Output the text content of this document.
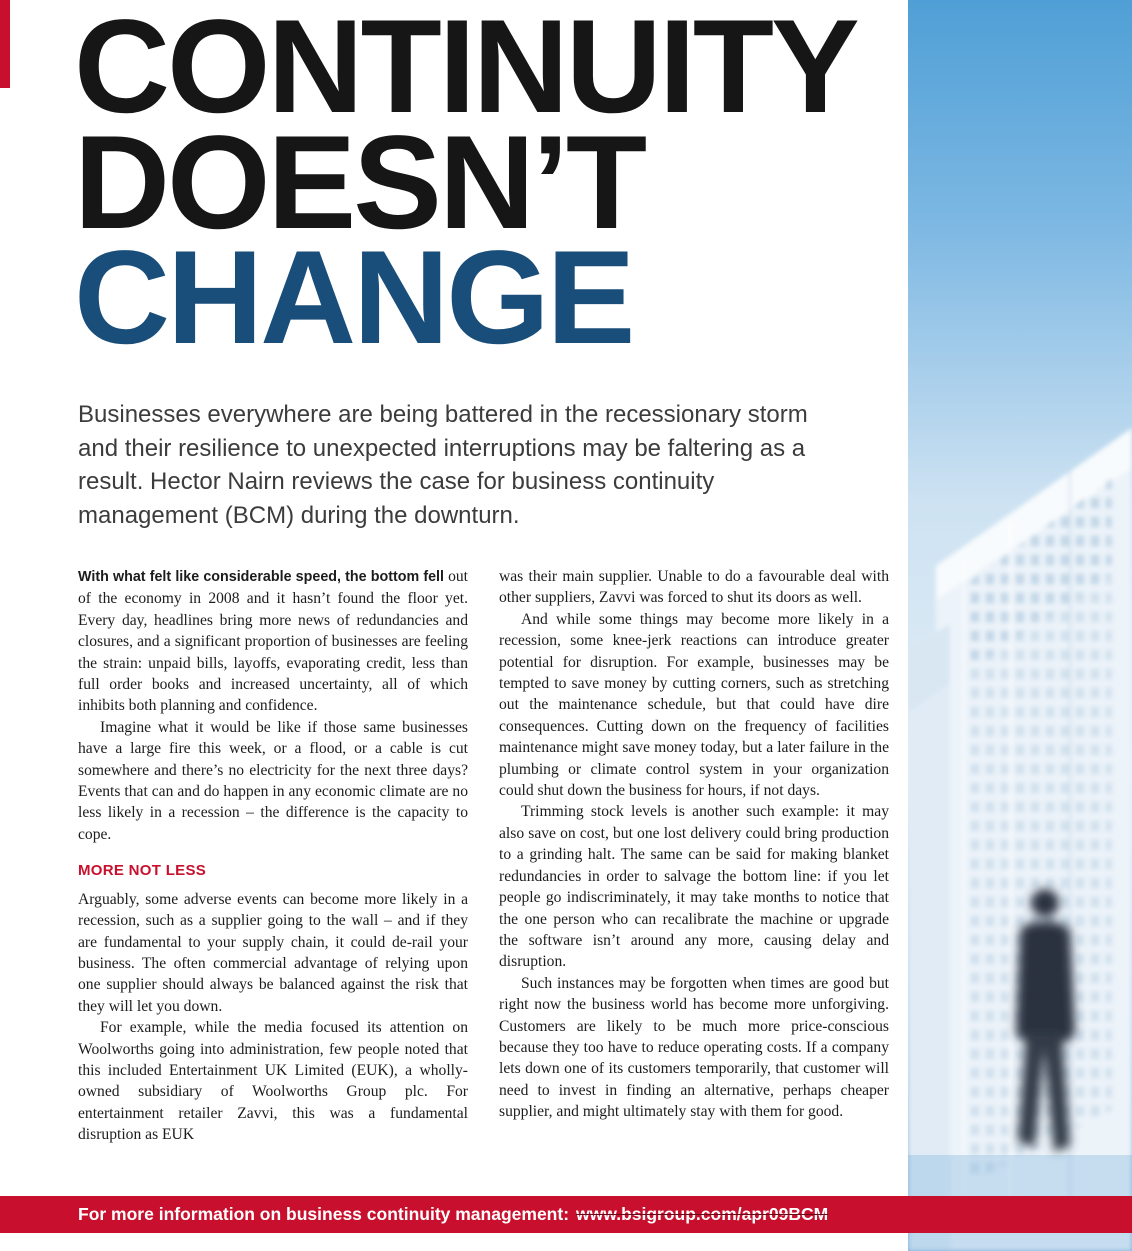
CONTINUITY
DOESN’T
CHANGE

Businesses everywhere are being battered in the recessionary storm and their resilience to unexpected interruptions may be faltering as a result. Hector Nairn reviews the case for business continuity management (BCM) during the downturn.

With what felt like considerable speed, the bottom fell out of the economy in 2008 and it hasn’t found the floor yet. Every day, headlines bring more news of redundancies and closures, and a significant proportion of businesses are feeling the strain: unpaid bills, layoffs, evaporating credit, less than full order books and increased uncertainty, all of which inhibits both planning and confidence.

Imagine what it would be like if those same businesses have a large fire this week, or a flood, or a cable is cut somewhere and there’s no electricity for the next three days? Events that can and do happen in any economic climate are no less likely in a recession – the difference is the capacity to cope.

MORE NOT LESS

Arguably, some adverse events can become more likely in a recession, such as a supplier going to the wall – and if they are fundamental to your supply chain, it could de-rail your business. The often commercial advantage of relying upon one supplier should always be balanced against the risk that they will let you down.

For example, while the media focused its attention on Woolworths going into administration, few people noted that this included Entertainment UK Limited (EUK), a wholly-owned subsidiary of Woolworths Group plc. For entertainment retailer Zavvi, this was a fundamental disruption as EUK

was their main supplier. Unable to do a favourable deal with other suppliers, Zavvi was forced to shut its doors as well.

And while some things may become more likely in a recession, some knee-jerk reactions can introduce greater potential for disruption. For example, businesses may be tempted to save money by cutting corners, such as stretching out the maintenance schedule, but that could have dire consequences. Cutting down on the frequency of facilities maintenance might save money today, but a later failure in the plumbing or climate control system in your organization could shut down the business for hours, if not days.

Trimming stock levels is another such example: it may also save on cost, but one lost delivery could bring production to a grinding halt. The same can be said for making blanket redundancies in order to salvage the bottom line: if you let people go indiscriminately, it may take months to notice that the one person who can recalibrate the machine or upgrade the software isn’t around any more, causing delay and disruption.

Such instances may be forgotten when times are good but right now the business world has become more unforgiving. Customers are likely to be much more price-conscious because they too have to reduce operating costs. If a company lets down one of its customers temporarily, that customer will need to invest in finding an alternative, perhaps cheaper supplier, and might ultimately stay with them for good.

For more information on business continuity management: www.bsigroup.com/apr09BCM
